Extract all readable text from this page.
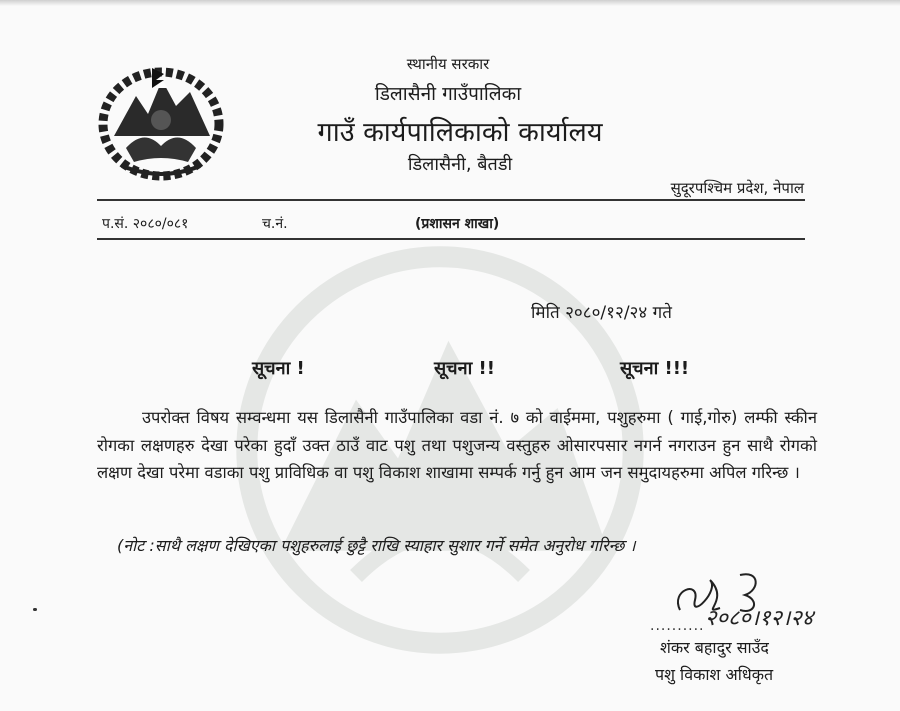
स्थानीय सरकार
डिलासैनी गाउँपालिका
गाउँ कार्यपालिकाको कार्यालय
डिलासैनी, बैतडी
सुदूरपश्चिम प्रदेश, नेपाल
प.सं. २०८०/०८१	च.नं.	(प्रशासन शाखा)
मिति २०८०/१२/२४ गते
सूचना !	सूचना !!	सूचना !!!
उपरोक्त विषय सम्वन्धमा यस डिलासैनी गाउँपालिका वडा नं. ७ को वाईममा, पशुहरुमा ( गाई,गोरु) लम्फी स्कीन रोगका लक्षणहरु देखा परेका हुदाँ उक्त ठाउँ वाट पशु तथा पशुजन्य वस्तुहरु ओसारपसार नगर्न नगराउन हुन साथै रोगको लक्षण देखा परेमा वडाका पशु प्राविधिक वा पशु विकाश शाखामा सम्पर्क गर्नु हुन आम जन समुदायहरुमा अपिल गरिन्छ ।
(नोट :साथै लक्षण देखिएका पशुहरुलाई छुट्टै राखि स्याहार सुशार गर्ने समेत अनुरोध गरिन्छ ।
२०८०।१२।२४
..........
शंकर बहादुर साउँद
पशु विकाश अधिकृत
